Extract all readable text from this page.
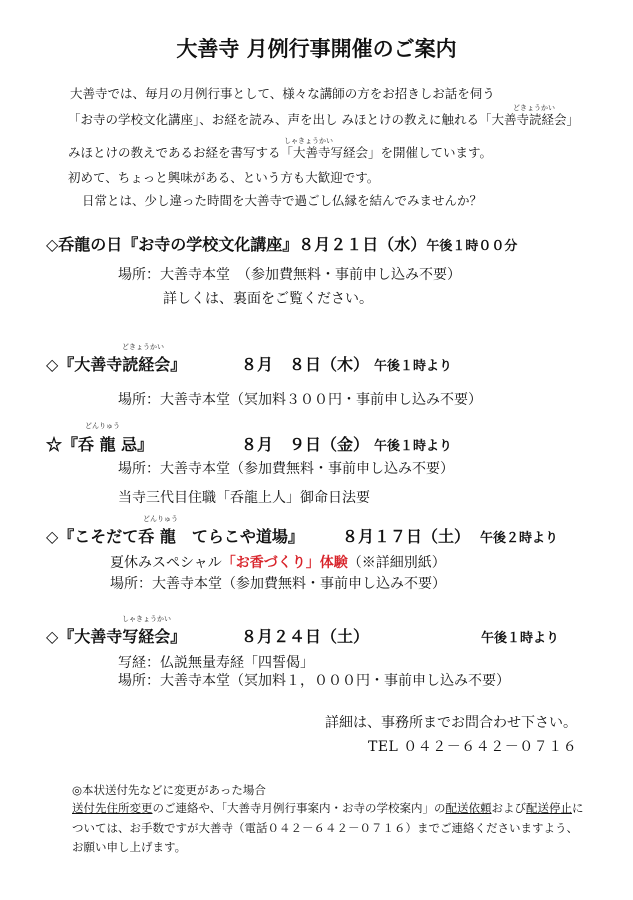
大善寺 月例行事開催のご案内
どきょうかい
しゃきょうかい
大善寺では、毎月の月例行事として、様々な講師の方をお招きしお話を伺う
「お寺の学校文化講座」、お経を読み、声を出し みほとけの教えに触れる「大善寺読経会」
みほとけの教えであるお経を書写する「大善寺写経会」を開催しています。
初めて、ちょっと興味がある、という方も大歓迎です。
日常とは、少し違った時間を大善寺で過ごし仏縁を結んでみませんか？
◇呑龍の日『お寺の学校文化講座』８月２１日（水）午後１時００分
場所：大善寺本堂　（参加費無料・事前申し込み不要）
詳しくは、裏面をご覧ください。
どきょうかい
◇『大善寺読経会』	８月　８日（木） 午後１時より
場所：大善寺本堂（冥加料３００円・事前申し込み不要）
どんりゅう
☆『呑 龍 忌』	８月　９日（金） 午後１時より
場所：大善寺本堂（参加費無料・事前申し込み不要）
当寺三代目住職「呑龍上人」御命日法要
どんりゅう
◇『こそだて呑 龍　てらこや道場』 ８月１７日（土） 午後２時より
夏休みスペシャル「お香づくり」体験（※詳細別紙）
場所：大善寺本堂（参加費無料・事前申し込み不要）
しゃきょうかい
◇『大善寺写経会』	８月２４日（土）	午後１時より
写経：仏説無量寿経「四誓偈」
場所：大善寺本堂（冥加料１，０００円・事前申し込み不要）
詳細は、事務所までお問合わせ下さい。
TEL ０４２－６４２－０７１６
◎本状送付先などに変更があった場合
送付先住所変更のご連絡や、「大善寺月例行事案内・お寺の学校案内」の配送依頼および配送停止に
ついては、お手数ですが大善寺（電話０４２－６４２－０７１６）までご連絡くださいますよう、
お願い申し上げます。
